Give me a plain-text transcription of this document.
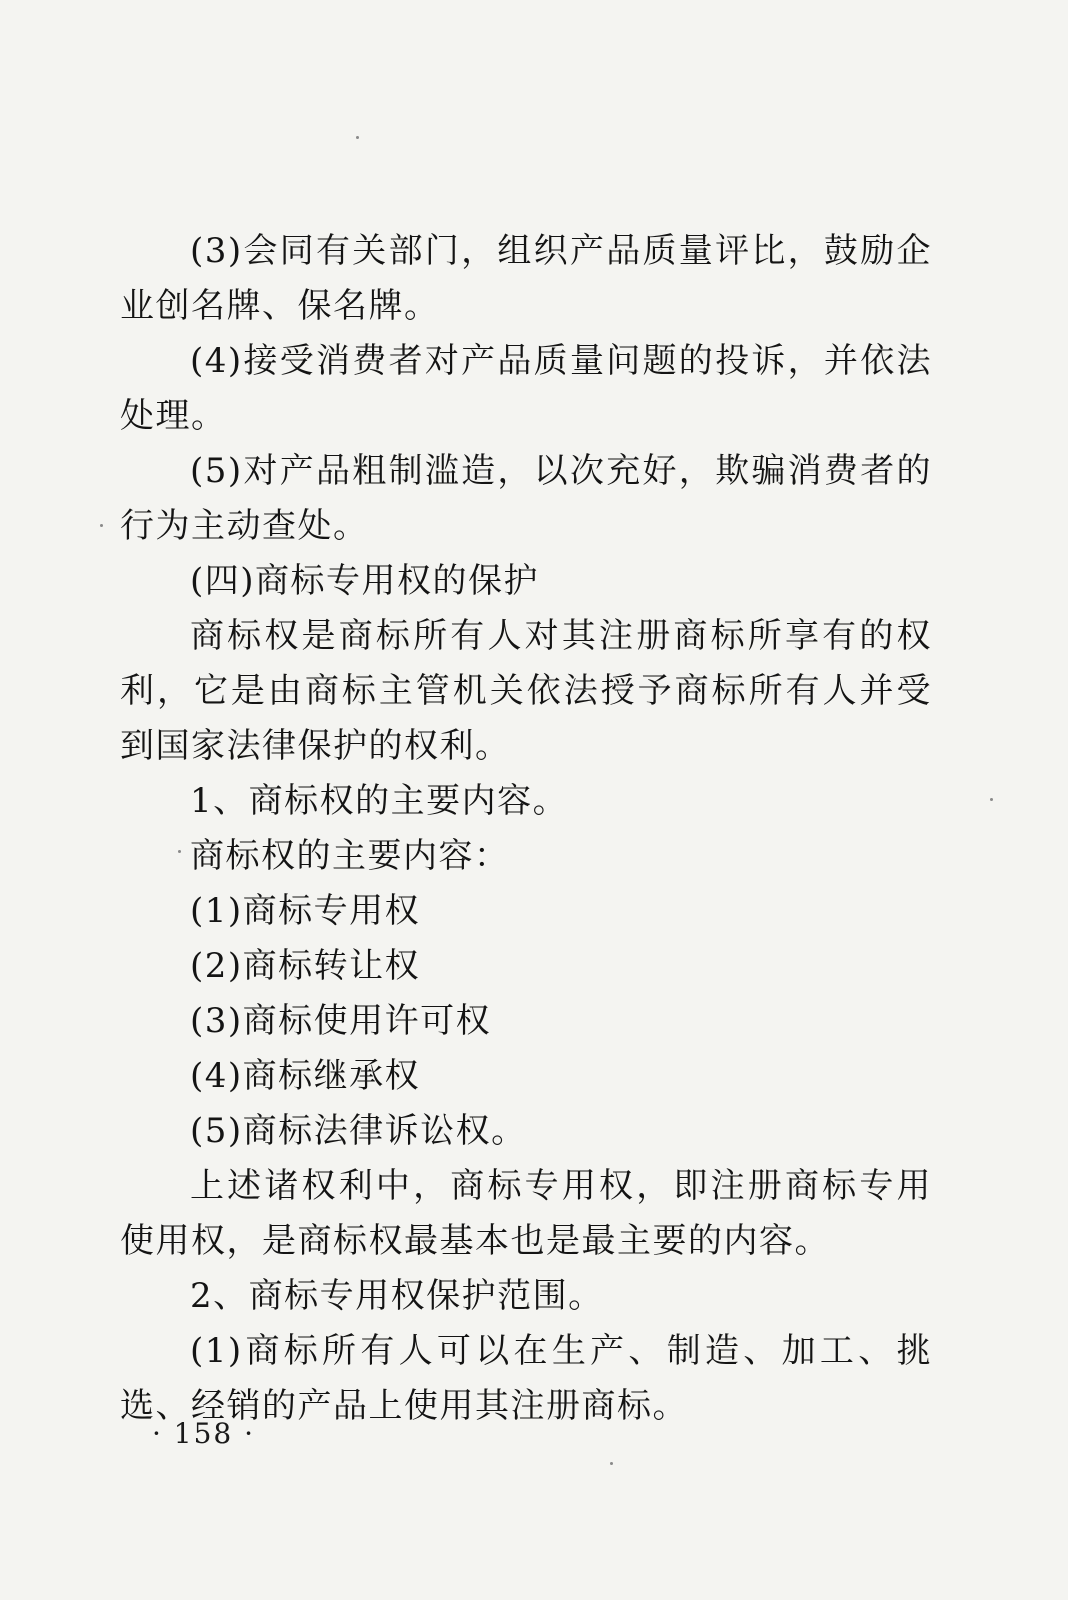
(3)会同有关部门，组织产品质量评比，鼓励企业创名牌、保名牌。

(4)接受消费者对产品质量问题的投诉，并依法处理。

(5)对产品粗制滥造，以次充好，欺骗消费者的行为主动查处。

(四)商标专用权的保护

商标权是商标所有人对其注册商标所享有的权利，它是由商标主管机关依法授予商标所有人并受到国家法律保护的权利。

1、商标权的主要内容。

商标权的主要内容：

(1)商标专用权

(2)商标转让权

(3)商标使用许可权

(4)商标继承权

(5)商标法律诉讼权。

上述诸权利中，商标专用权，即注册商标专用使用权，是商标权最基本也是最主要的内容。

2、商标专用权保护范围。

(1)商标所有人可以在生产、制造、加工、挑选、经销的产品上使用其注册商标。

· 158 ·
